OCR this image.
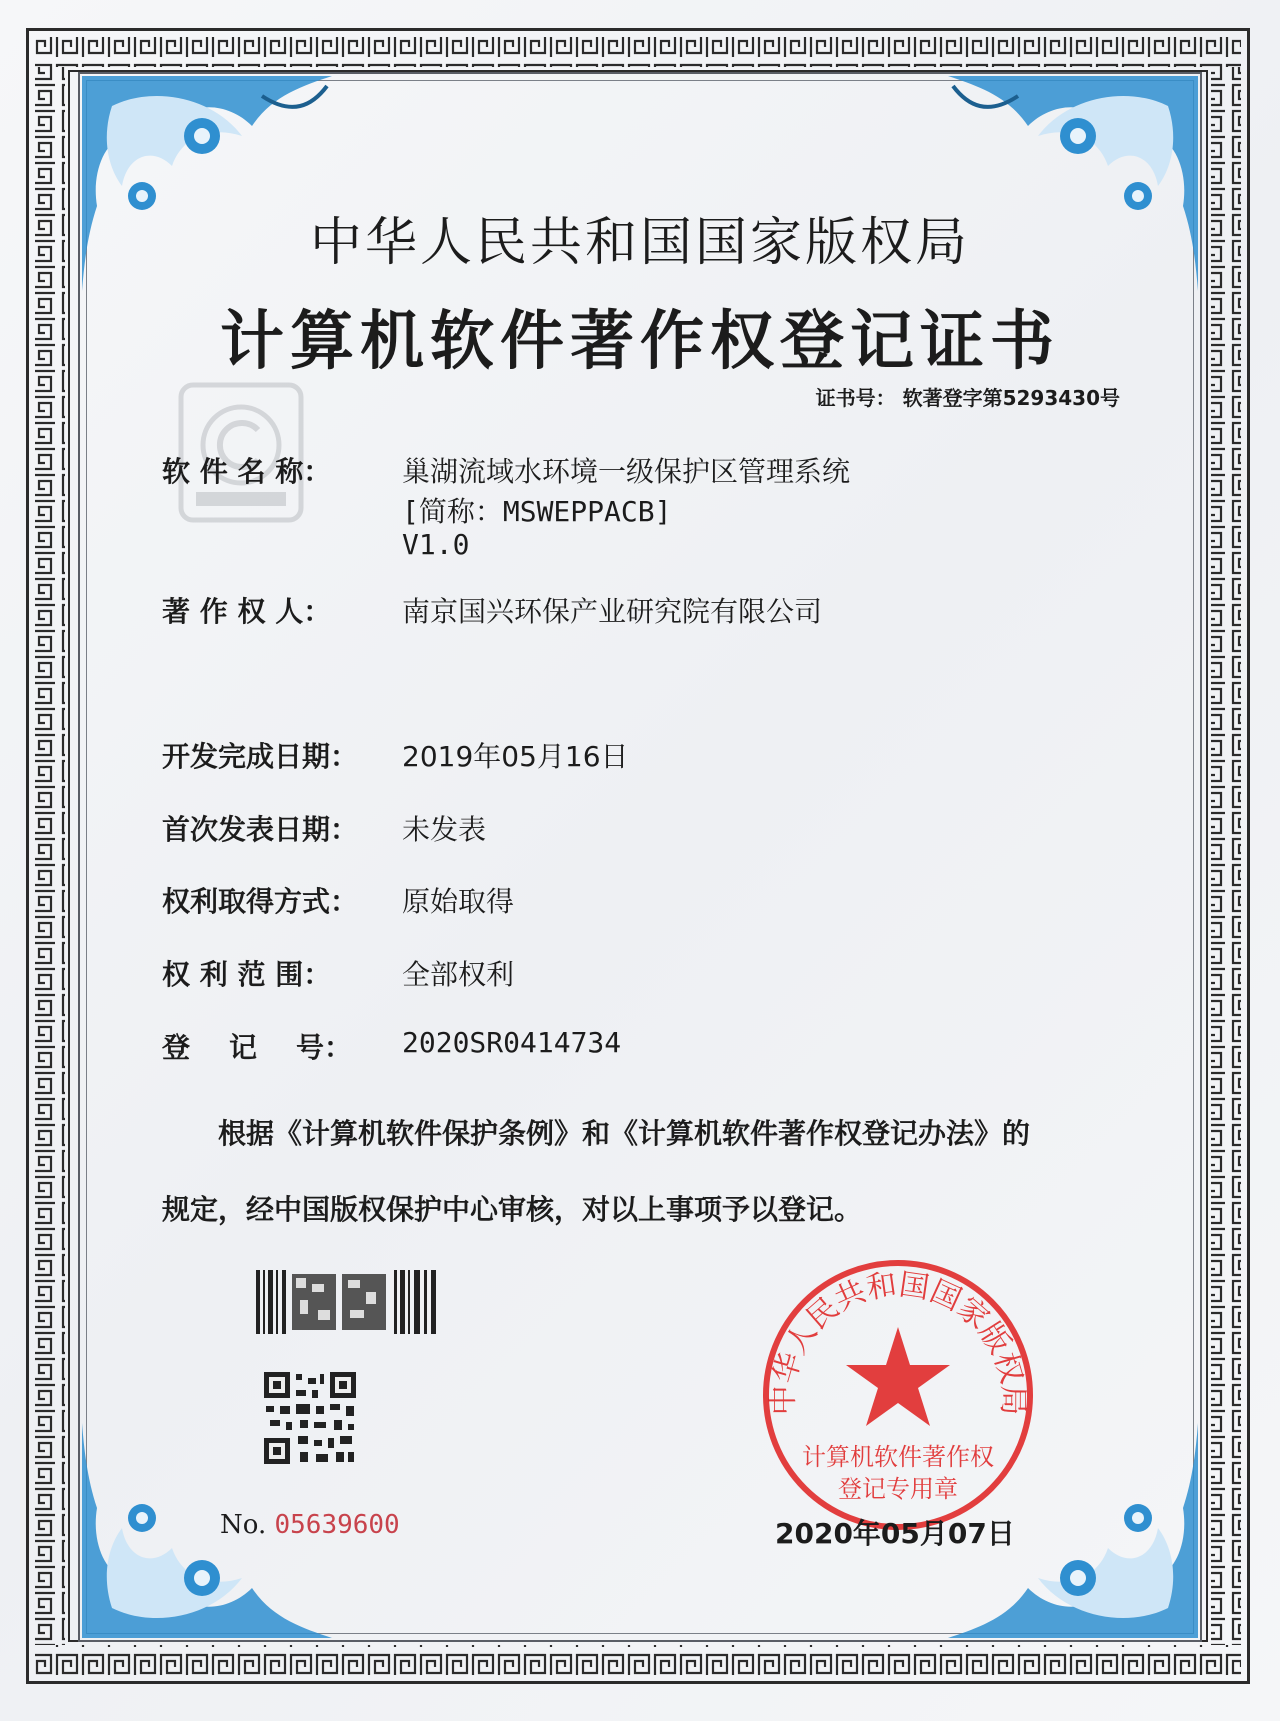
中华人民共和国国家版权局
计算机软件著作权登记证书
证书号： 软著登字第5293430号
软 件 名 称：	巢湖流域水环境一级保护区管理系统
[简称：MSWEPPACB]
V1.0
著 作 权 人：	南京国兴环保产业研究院有限公司
开发完成日期： 2019年05月16日
首次发表日期： 未发表
权利取得方式： 原始取得
权 利 范 围：	全部权利
登    记    号： 2020SR0414734
根据《计算机软件保护条例》和《计算机软件著作权登记办法》的
规定，经中国版权保护中心审核，对以上事项予以登记。
No. 05639600
中华人民共和国国家版权局
计算机软件著作权
登记专用章
2020年05月07日
